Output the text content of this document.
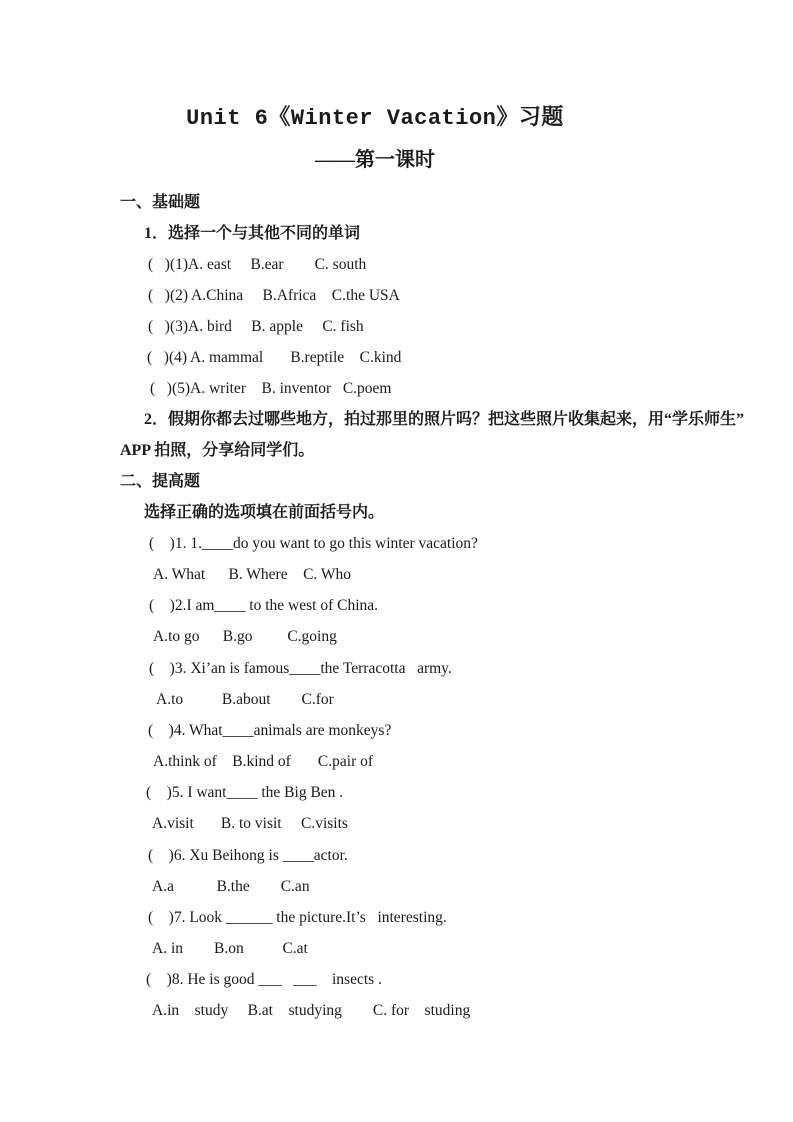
Unit 6《Winter Vacation》习题
——第一课时
一、基础题
1．选择一个与其他不同的单词
(   )(1)A. east     B.ear        C. south
(   )(2) A.China     B.Africa    C.the USA
(   )(3)A. bird     B. apple     C. fish
(   )(4) A. mammal       B.reptile    C.kind
(   )(5)A. writer    B. inventor   C.poem
2．假期你都去过哪些地方，拍过那里的照片吗？把这些照片收集起来，用“学乐师生”
APP 拍照，分享给同学们。
二、提高题
选择正确的选项填在前面括号内。
(    )1. 1.____do you want to go this winter vacation?
A. What      B. Where    C. Who
(    )2.I am____ to the west of China.
A.to go      B.go         C.going
(    )3. Xi’an is famous____the Terracotta   army.
A.to          B.about        C.for
(    )4. What____animals are monkeys?
A.think of    B.kind of       C.pair of
(    )5. I want____ the Big Ben .
A.visit       B. to visit     C.visits
(    )6. Xu Beihong is ____actor.
A.a           B.the        C.an
(    )7. Look ______ the picture.It’s   interesting.
A. in        B.on          C.at
(    )8. He is good ___   ___    insects .
A.in    study     B.at    studying        C. for    studing
